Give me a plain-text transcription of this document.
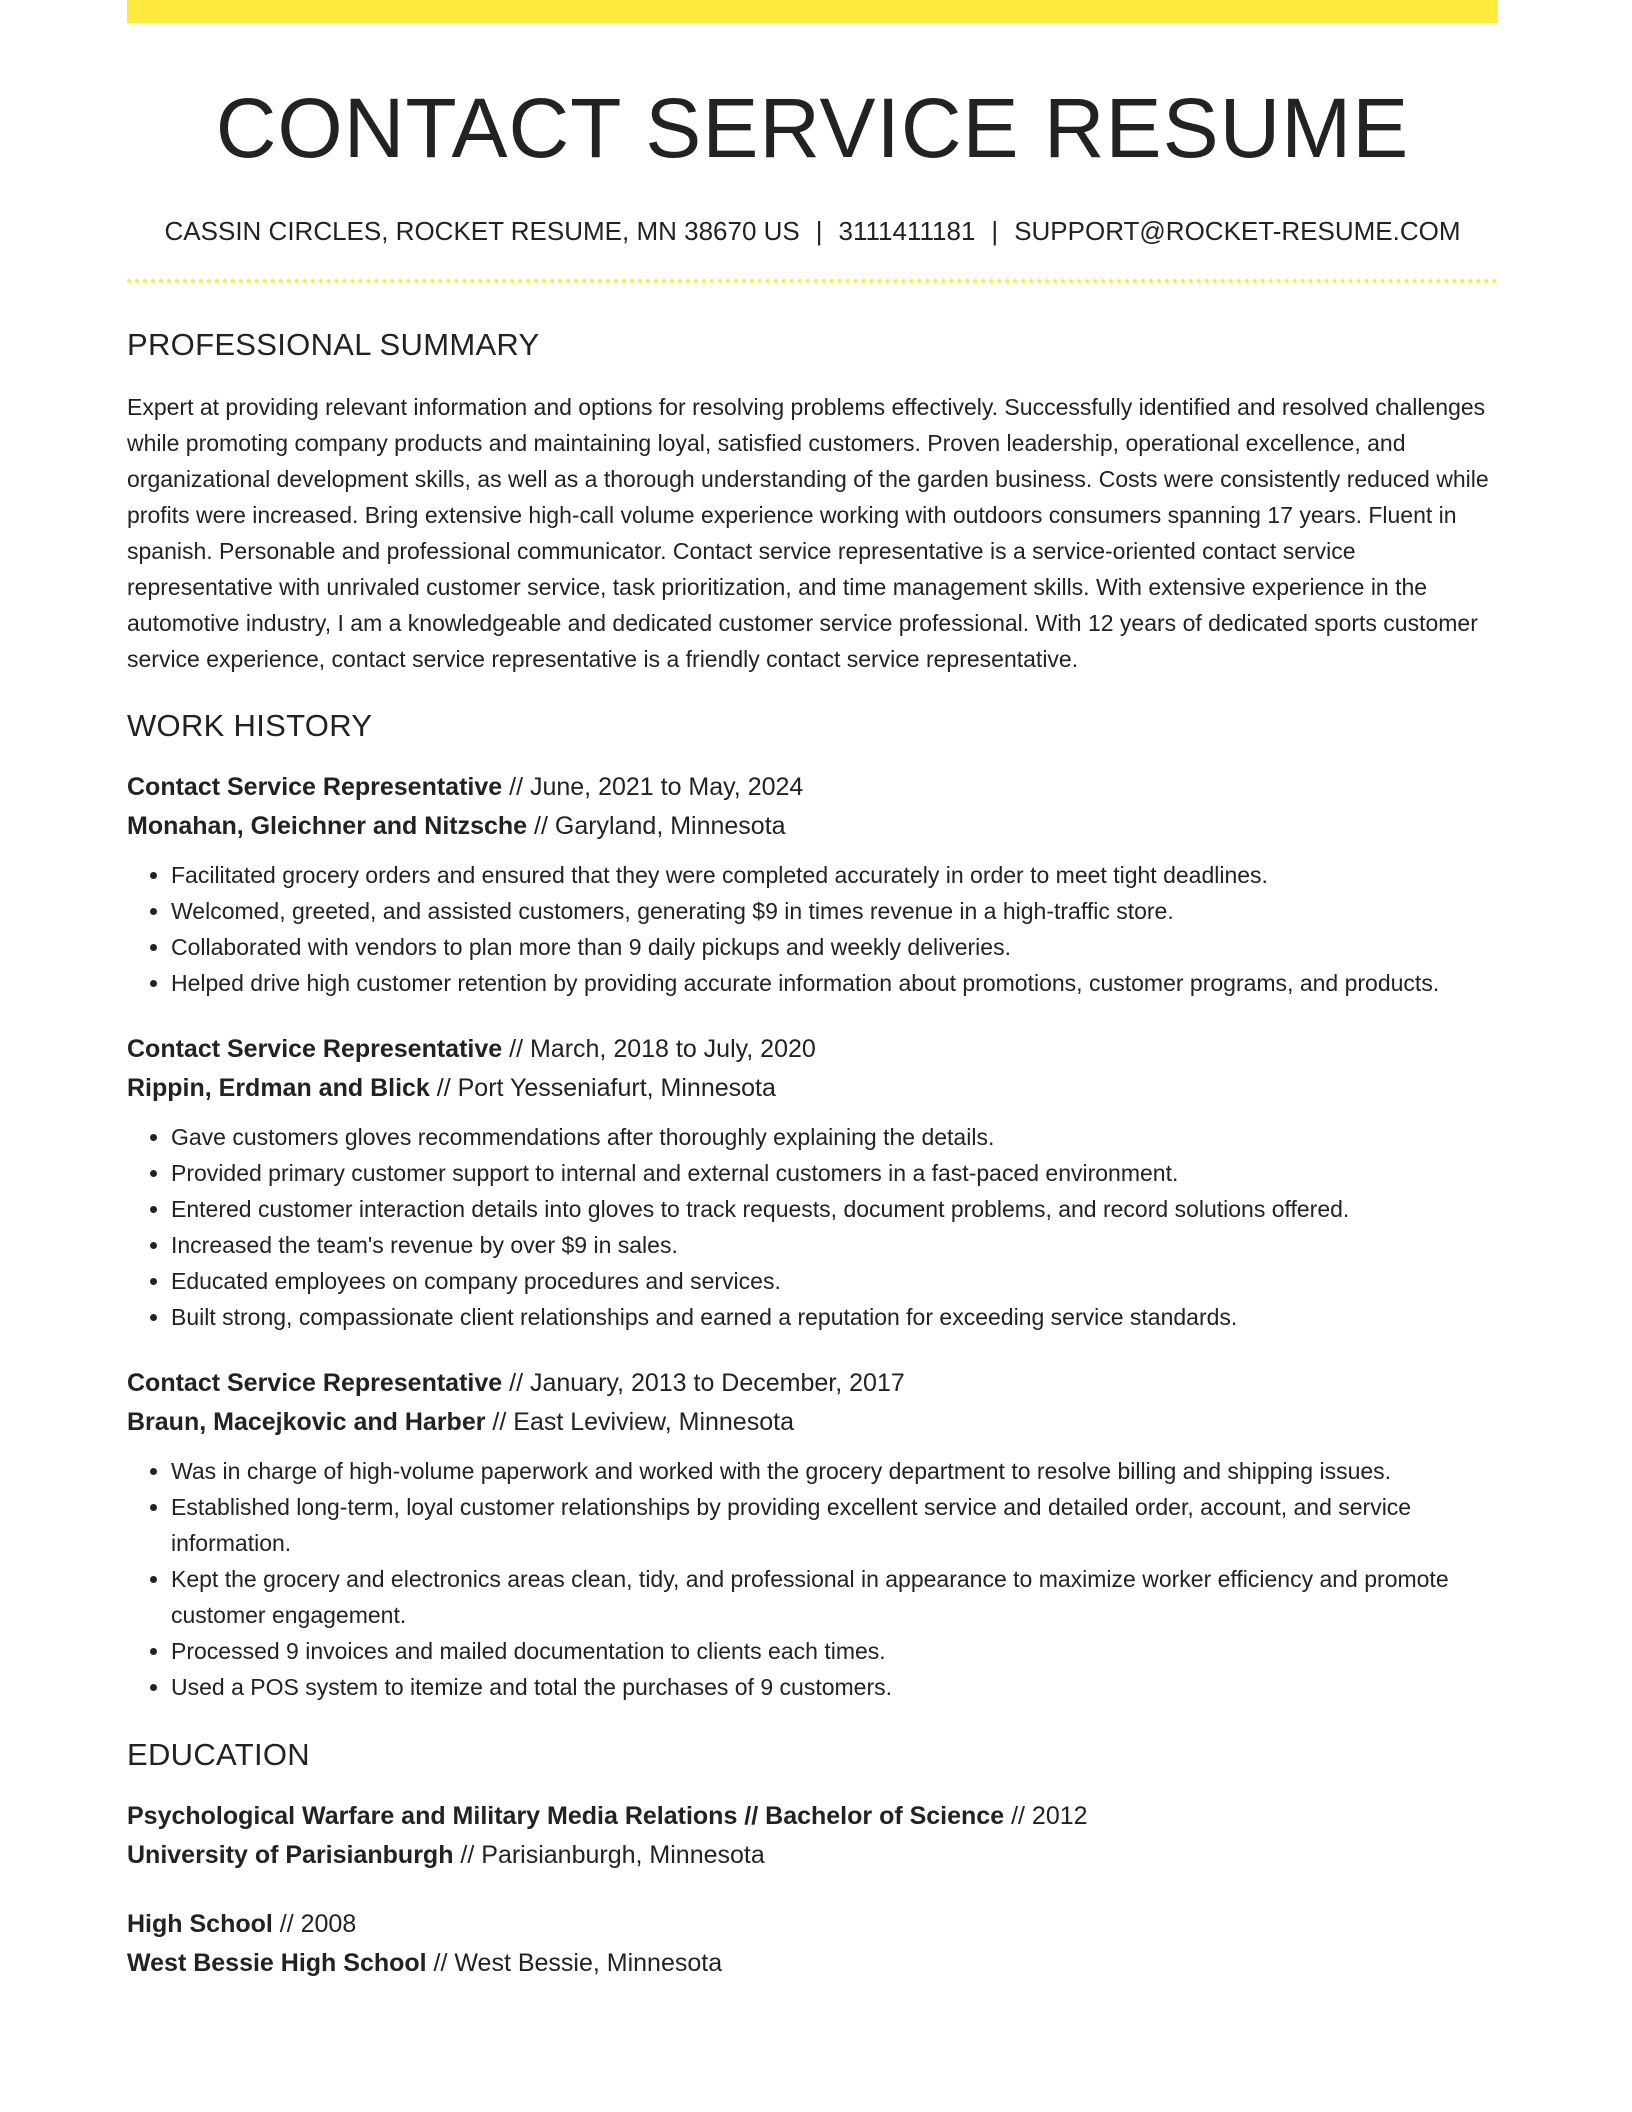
CONTACT SERVICE RESUME
CASSIN CIRCLES, ROCKET RESUME, MN 38670 US | 3111411181 | SUPPORT@ROCKET-RESUME.COM
PROFESSIONAL SUMMARY

Expert at providing relevant information and options for resolving problems effectively. Successfully identified and resolved challenges while promoting company products and maintaining loyal, satisfied customers. Proven leadership, operational excellence, and organizational development skills, as well as a thorough understanding of the garden business. Costs were consistently reduced while profits were increased. Bring extensive high-call volume experience working with outdoors consumers spanning 17 years. Fluent in spanish. Personable and professional communicator. Contact service representative is a service-oriented contact service representative with unrivaled customer service, task prioritization, and time management skills. With extensive experience in the automotive industry, I am a knowledgeable and dedicated customer service professional. With 12 years of dedicated sports customer service experience, contact service representative is a friendly contact service representative.

WORK HISTORY
Contact Service Representative // June, 2021 to May, 2024
Monahan, Gleichner and Nitzsche // Garyland, Minnesota
• Facilitated grocery orders and ensured that they were completed accurately in order to meet tight deadlines.
• Welcomed, greeted, and assisted customers, generating $9 in times revenue in a high-traffic store.
• Collaborated with vendors to plan more than 9 daily pickups and weekly deliveries.
• Helped drive high customer retention by providing accurate information about promotions, customer programs, and products.
Contact Service Representative // March, 2018 to July, 2020
Rippin, Erdman and Blick // Port Yesseniafurt, Minnesota
• Gave customers gloves recommendations after thoroughly explaining the details.
• Provided primary customer support to internal and external customers in a fast-paced environment.
• Entered customer interaction details into gloves to track requests, document problems, and record solutions offered.
• Increased the team's revenue by over $9 in sales.
• Educated employees on company procedures and services.
• Built strong, compassionate client relationships and earned a reputation for exceeding service standards.
Contact Service Representative // January, 2013 to December, 2017
Braun, Macejkovic and Harber // East Leviview, Minnesota
• Was in charge of high-volume paperwork and worked with the grocery department to resolve billing and shipping issues.
• Established long-term, loyal customer relationships by providing excellent service and detailed order, account, and service information.
• Kept the grocery and electronics areas clean, tidy, and professional in appearance to maximize worker efficiency and promote customer engagement.
• Processed 9 invoices and mailed documentation to clients each times.
• Used a POS system to itemize and total the purchases of 9 customers.
EDUCATION
Psychological Warfare and Military Media Relations // Bachelor of Science // 2012
University of Parisianburgh // Parisianburgh, Minnesota
High School // 2008
West Bessie High School // West Bessie, Minnesota
